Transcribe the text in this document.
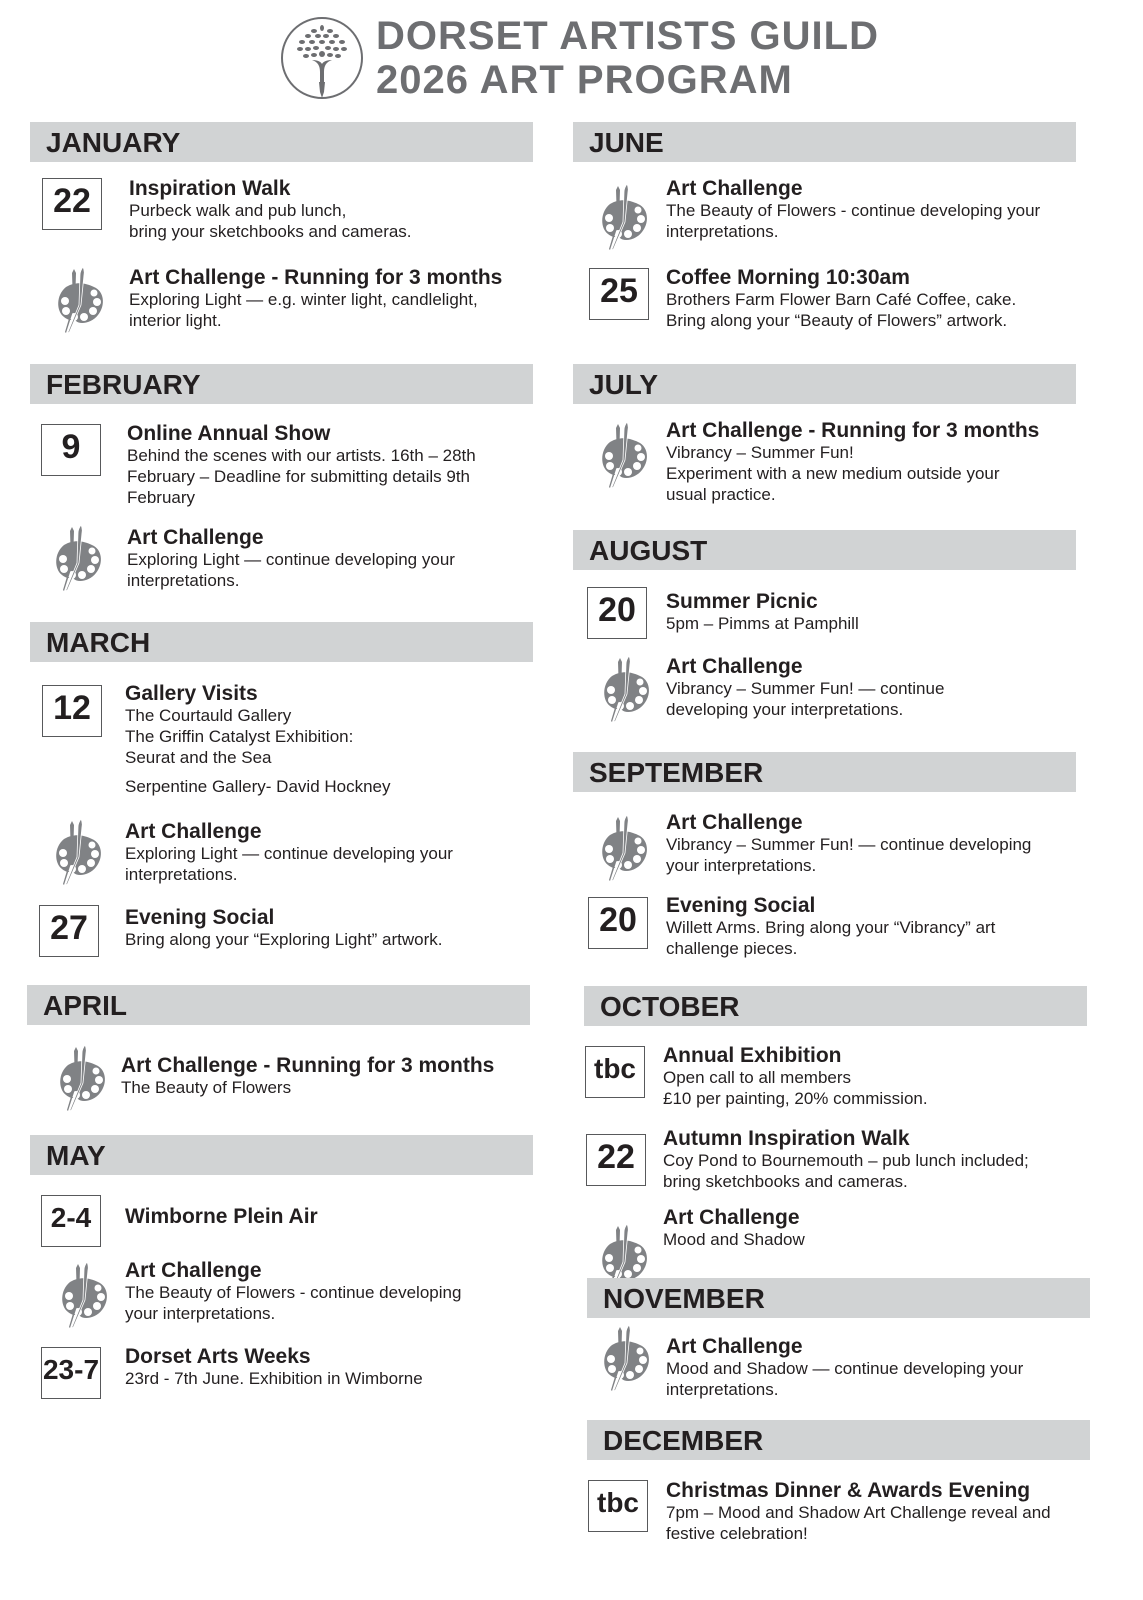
DORSET ARTISTS GUILD
2026 ART PROGRAM
JANUARY
22	Inspiration Walk
Purbeck walk and pub lunch,
bring your sketchbooks and cameras.
Art Challenge - Running for 3 months
Exploring Light — e.g. winter light, candlelight,
interior light.
FEBRUARY
9	Online Annual Show
Behind the scenes with our artists. 16th – 28th
February – Deadline for submitting details 9th
February
Art Challenge
Exploring Light — continue developing your
interpretations.
MARCH
12	Gallery Visits
The Courtauld Gallery
The Griffin Catalyst Exhibition:
Seurat and the Sea
Serpentine Gallery- David Hockney
Art Challenge
Exploring Light — continue developing your
interpretations.
27	Evening Social
Bring along your “Exploring Light” artwork.
APRIL
Art Challenge - Running for 3 months
The Beauty of Flowers
MAY
2-4	Wimborne Plein Air
Art Challenge
The Beauty of Flowers - continue developing
your interpretations.
23-7 Dorset Arts Weeks
23rd - 7th June. Exhibition in Wimborne
JUNE
Art Challenge
The Beauty of Flowers - continue developing your
interpretations.
25	Coffee Morning 10:30am
Brothers Farm Flower Barn Café Coffee, cake.
Bring along your “Beauty of Flowers” artwork.
JULY
Art Challenge - Running for 3 months
Vibrancy – Summer Fun!
Experiment with a new medium outside your
usual practice.
AUGUST
20	Summer Picnic
5pm – Pimms at Pamphill
Art Challenge
Vibrancy – Summer Fun! — continue
developing your interpretations.
SEPTEMBER
Art Challenge
Vibrancy – Summer Fun! — continue developing
your interpretations.
20	Evening Social
Willett Arms. Bring along your “Vibrancy” art
challenge pieces.
OCTOBER
tbc	Annual Exhibition
Open call to all members
£10 per painting, 20% commission.
22	Autumn Inspiration Walk
Coy Pond to Bournemouth – pub lunch included;
bring sketchbooks and cameras.
Art Challenge
Mood and Shadow
NOVEMBER
Art Challenge
Mood and Shadow — continue developing your
interpretations.
DECEMBER
tbc	Christmas Dinner & Awards Evening
7pm – Mood and Shadow Art Challenge reveal and
festive celebration!
